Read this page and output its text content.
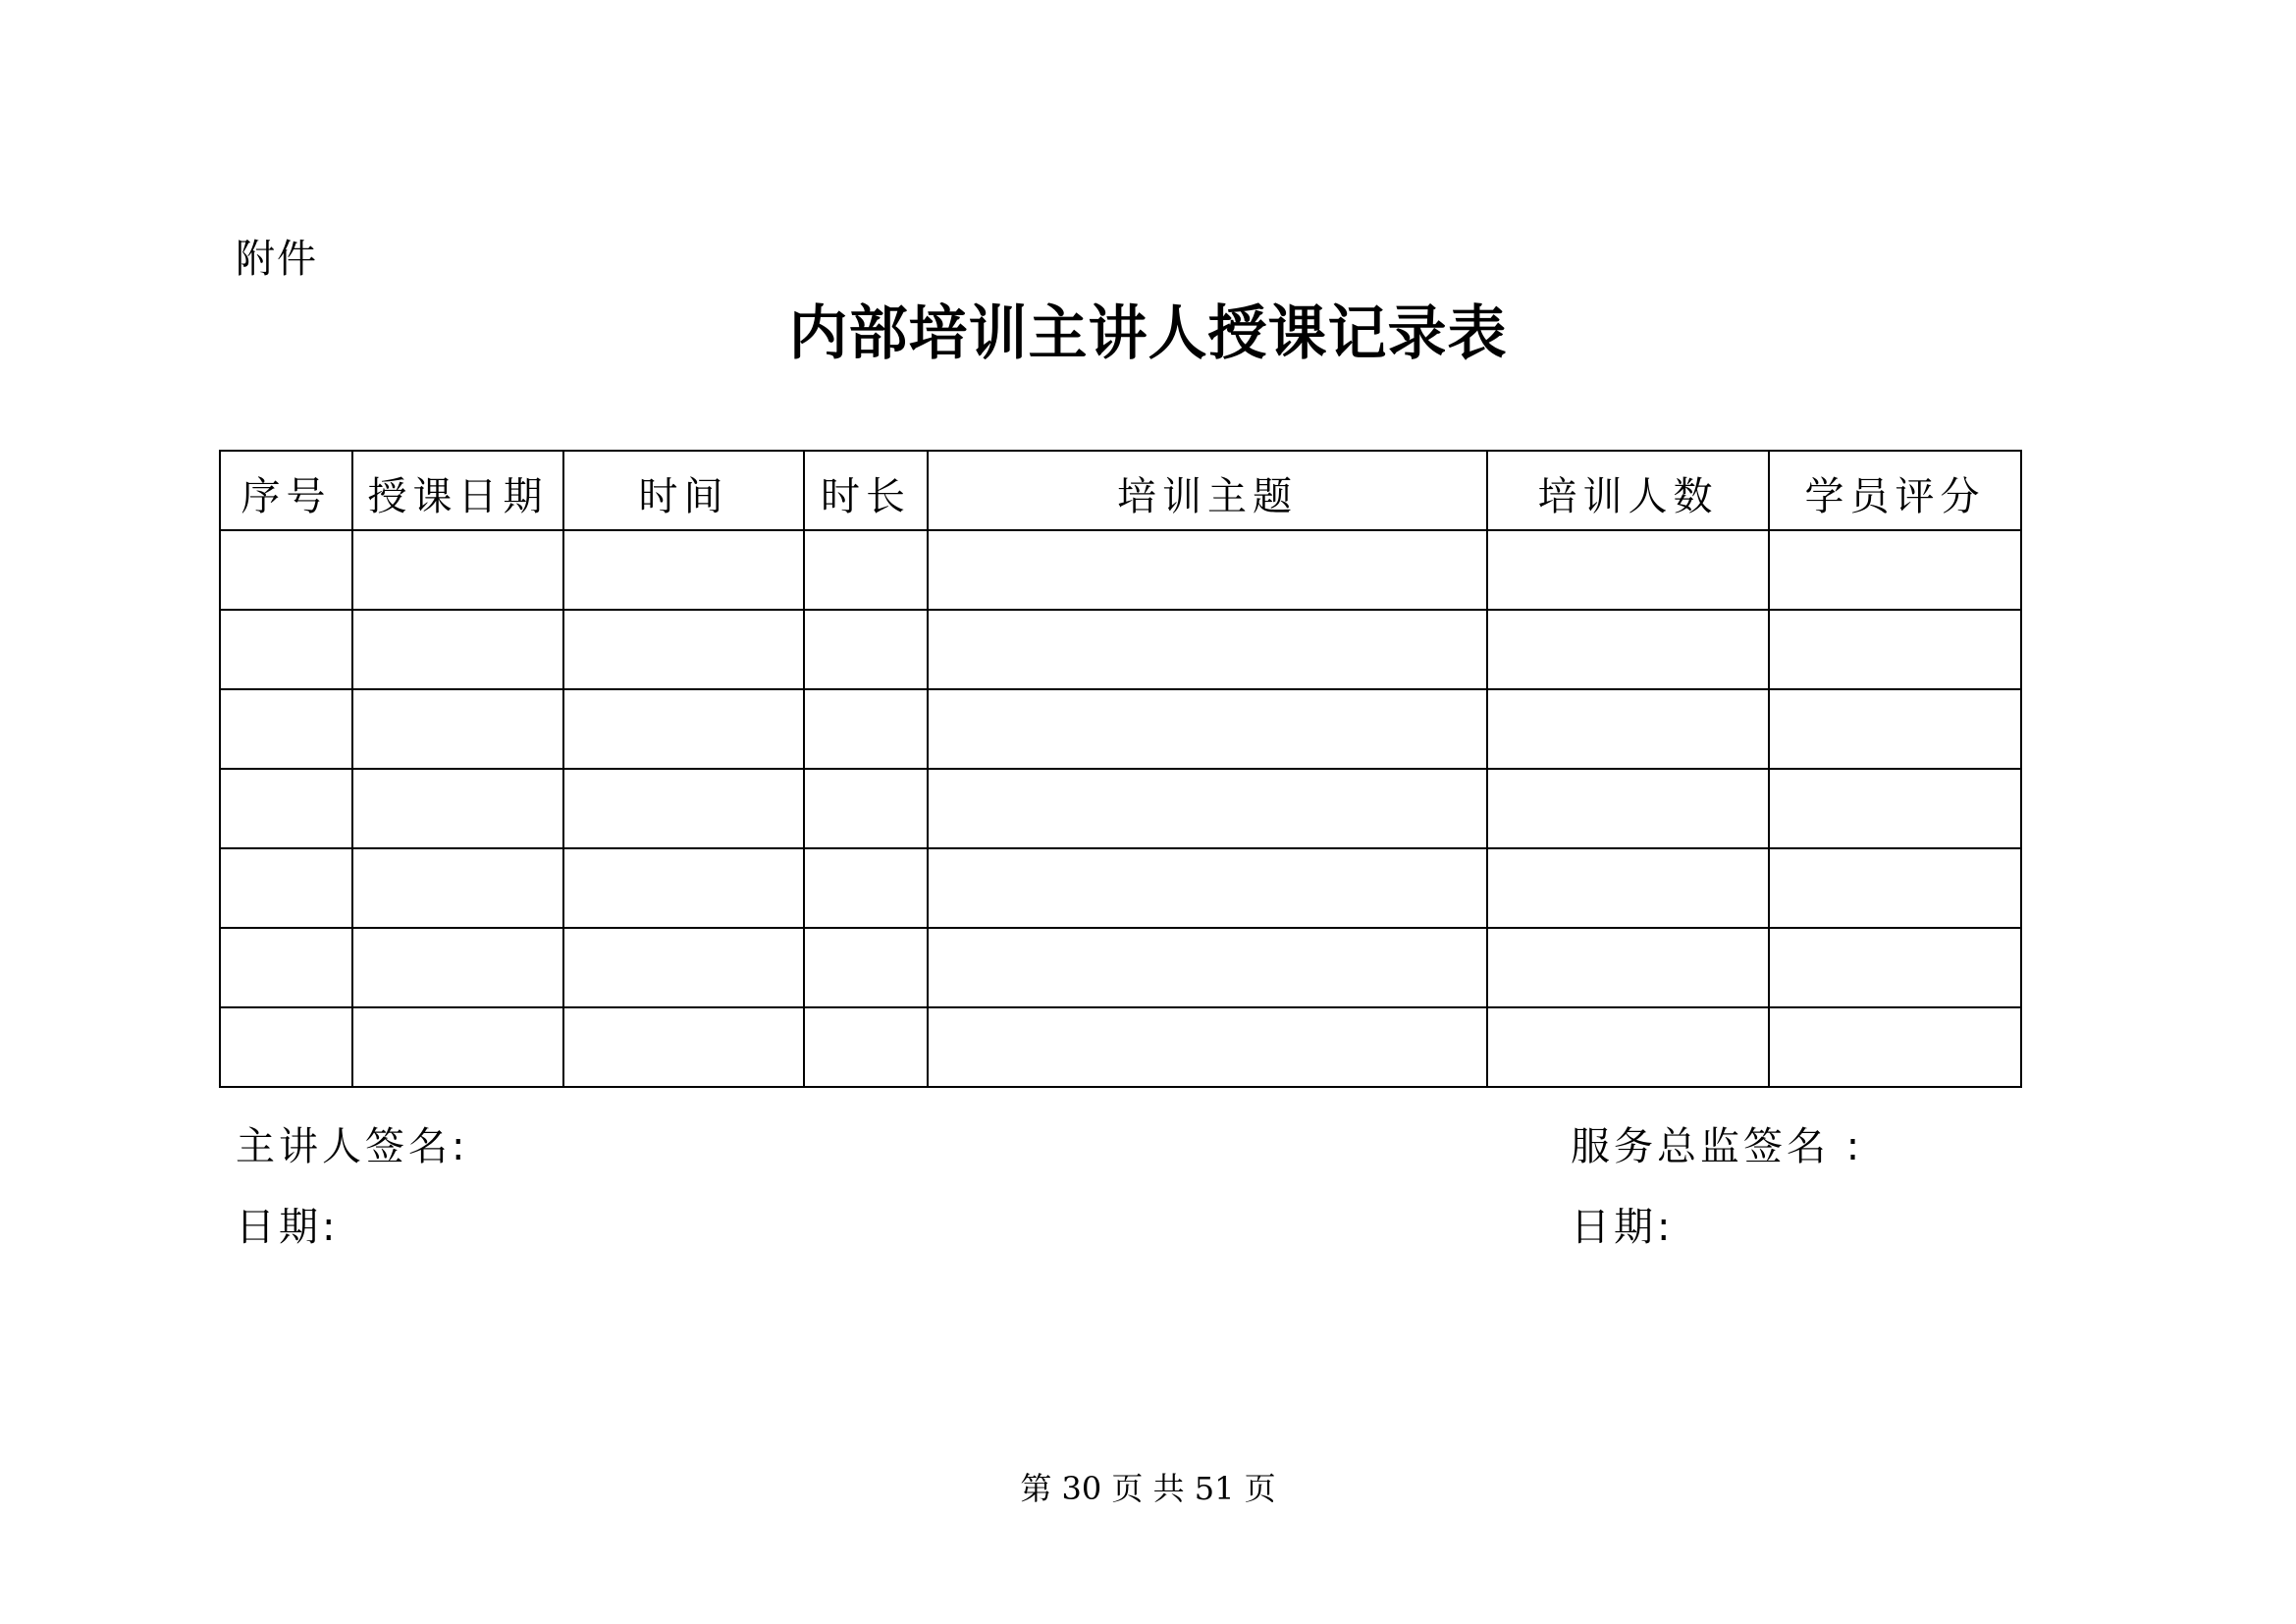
附件
内部培训主讲人授课记录表
序号	授课日期	时间	时长	培训主题	培训人数	学员评分

主讲人签名:	服务总监签名 :
日期:	日期:
第 30 页 共 51 页
